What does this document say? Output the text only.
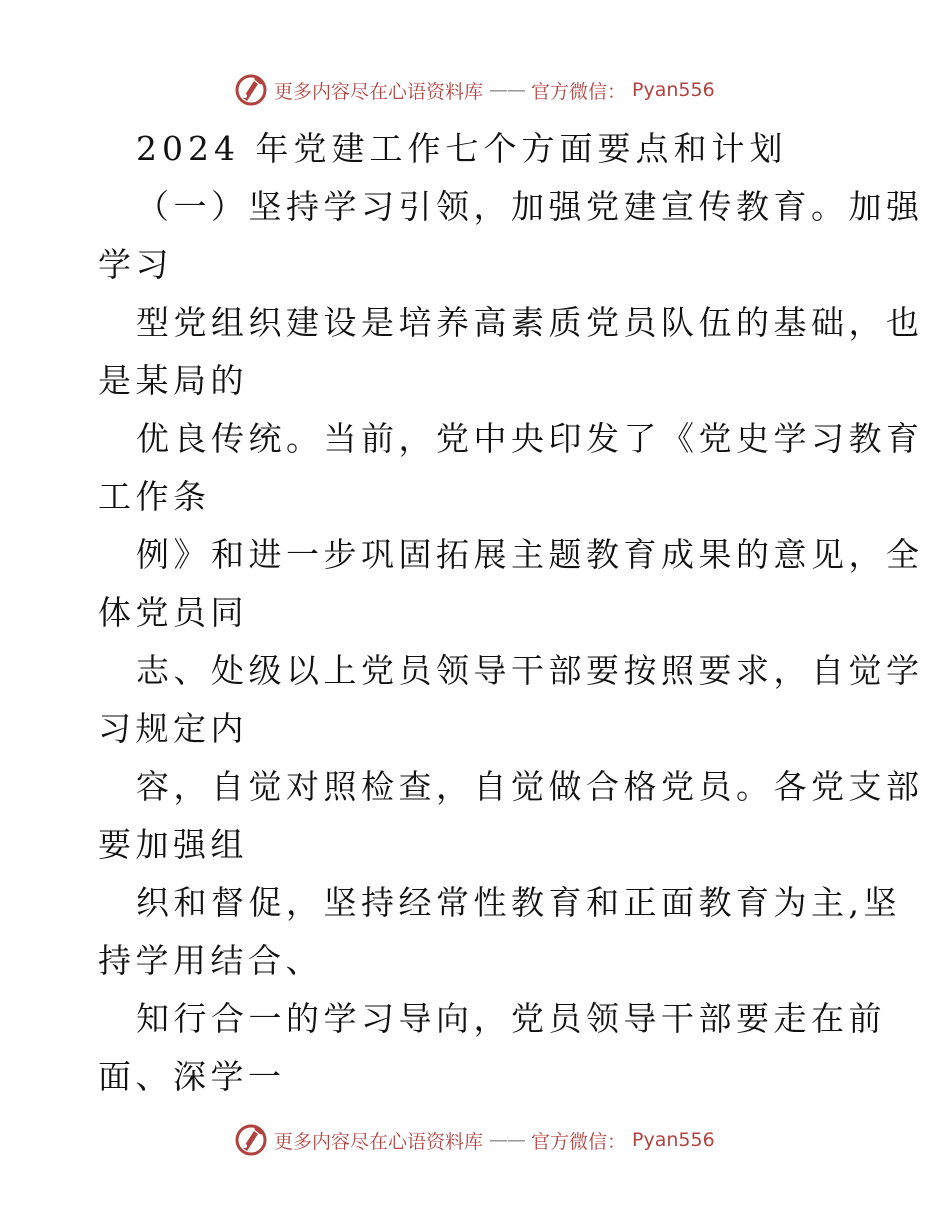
更多内容尽在心语资料库 —— 官方微信： Pyan556
2024 年党建工作七个方面要点和计划

（一）坚持学习引领，加强党建宣传教育。加强
学习

型党组织建设是培养高素质党员队伍的基础，也
是某局的

优良传统。当前，党中央印发了《党史学习教育
工作条

例》和进一步巩固拓展主题教育成果的意见，全
体党员同

志、处级以上党员领导干部要按照要求，自觉学
习规定内

容，自觉对照检查，自觉做合格党员。各党支部
要加强组

织和督促，坚持经常性教育和正面教育为主,坚
持学用结合、

知行合一的学习导向，党员领导干部要走在前
面、深学一

更多内容尽在心语资料库 —— 官方微信： Pyan556
